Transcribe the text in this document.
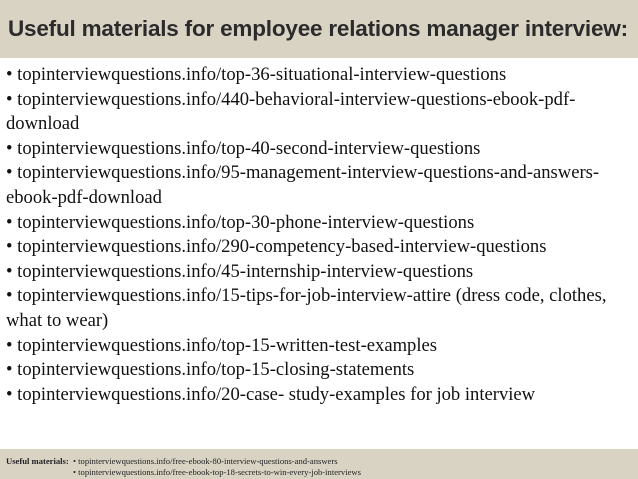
Useful materials for employee relations manager interview:
• topinterviewquestions.info/top-36-situational-interview-questions
• topinterviewquestions.info/440-behavioral-interview-questions-ebook-pdf-download
• topinterviewquestions.info/top-40-second-interview-questions
• topinterviewquestions.info/95-management-interview-questions-and-answers-ebook-pdf-download
• topinterviewquestions.info/top-30-phone-interview-questions
• topinterviewquestions.info/290-competency-based-interview-questions
• topinterviewquestions.info/45-internship-interview-questions
• topinterviewquestions.info/15-tips-for-job-interview-attire (dress code, clothes, what to wear)
• topinterviewquestions.info/top-15-written-test-examples
• topinterviewquestions.info/top-15-closing-statements
• topinterviewquestions.info/20-case- study-examples for job interview
Useful materials:
•	topinterviewquestions.info/free-ebook-80-interview-questions-and-answers
• topinterviewquestions.info/free-ebook-top-18-secrets-to-win-every-job-interviews
